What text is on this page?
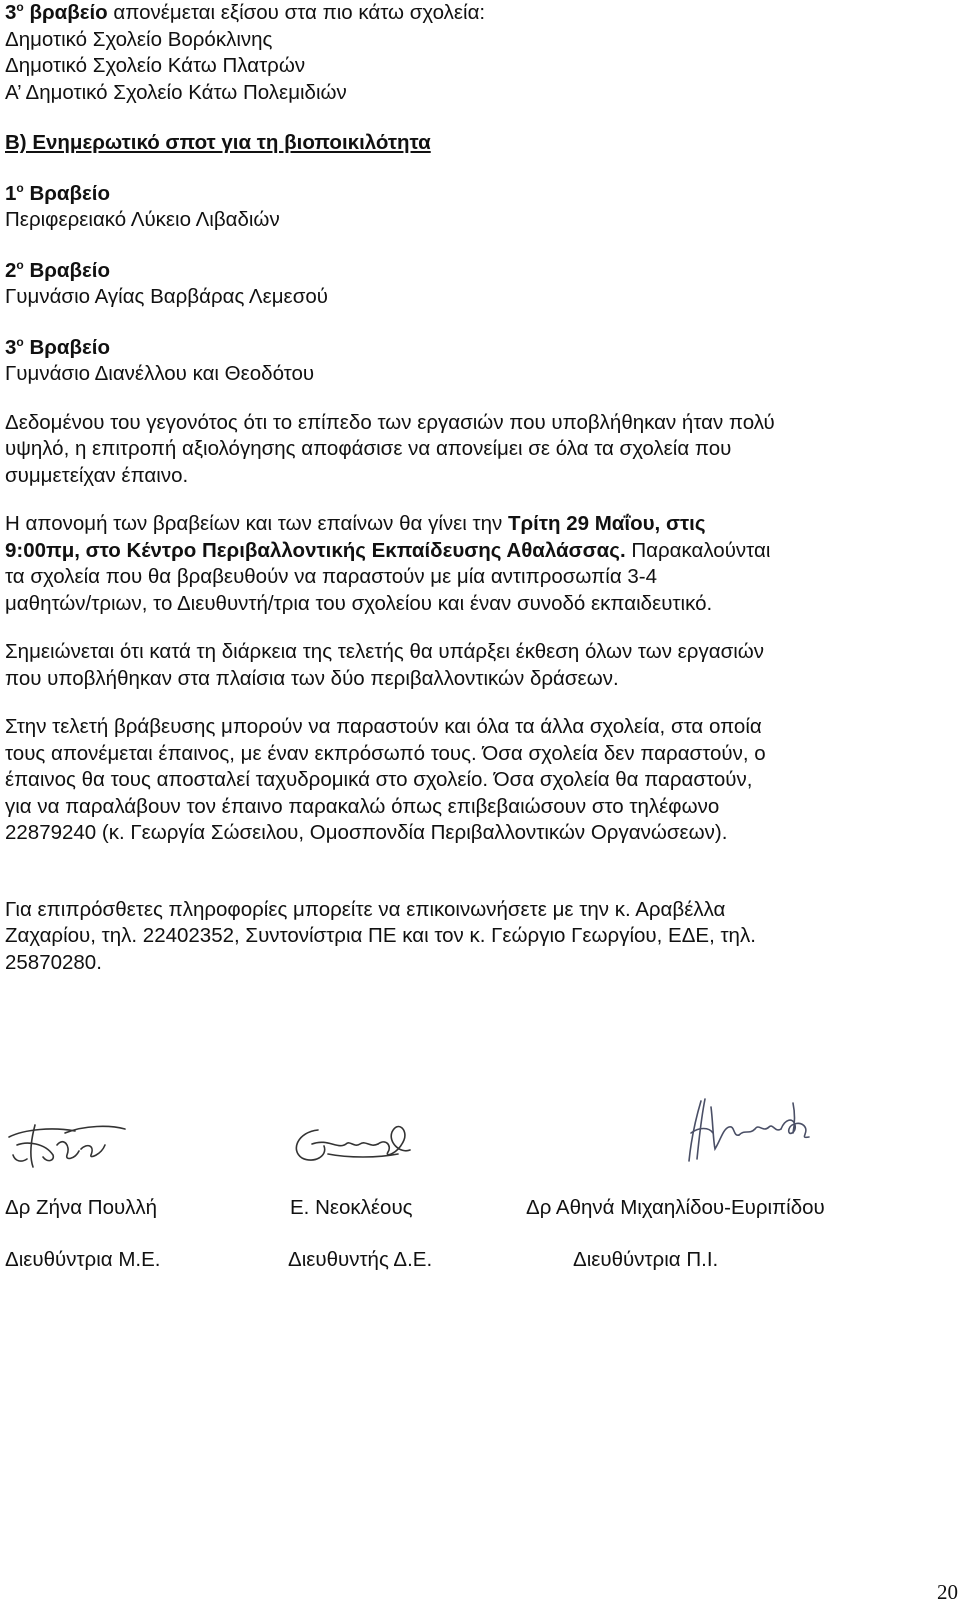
$3^o$ βραβείο απονέμεται εξίσου στα πιο κάτω σχολεία:
Δημοτικό Σχολείο Βορόκλινης
Δημοτικό Σχολείο Κάτω Πλατρών
Α’ Δημοτικό Σχολείο Κάτω Πολεμιδιών
Β) Ενημερωτικό σποτ για τη βιοποικιλότητα
$1^o$ Βραβείο
Περιφερειακό Λύκειο Λιβαδιών
$2^o$ Βραβείο
Γυμνάσιο Αγίας Βαρβάρας Λεμεσού
$3^o$ Βραβείο
Γυμνάσιο Διανέλλου και Θεοδότου
Δεδομένου του γεγονότος ότι το επίπεδο των εργασιών που υποβλήθηκαν ήταν πολύ
υψηλό, η επιτροπή αξιολόγησης αποφάσισε να απονείμει σε όλα τα σχολεία που
συμμετείχαν έπαινο.
Η απονομή των βραβείων και των επαίνων θα γίνει την Τρίτη 29 Μαΐου, στις
9:00πμ, στο Κέντρο Περιβαλλοντικής Εκπαίδευσης Αθαλάσσας. Παρακαλούνται
τα σχολεία που θα βραβευθούν να παραστούν με μία αντιπροσωπία 3-4
μαθητών/τριων, το Διευθυντή/τρια του σχολείου και έναν συνοδό εκπαιδευτικό.
Σημειώνεται ότι κατά τη διάρκεια της τελετής θα υπάρξει έκθεση όλων των εργασιών
που υποβλήθηκαν στα πλαίσια των δύο περιβαλλοντικών δράσεων.
Στην τελετή βράβευσης μπορούν να παραστούν και όλα τα άλλα σχολεία, στα οποία
τους απονέμεται έπαινος, με έναν εκπρόσωπό τους. Όσα σχολεία δεν παραστούν, ο
έπαινος θα τους αποσταλεί ταχυδρομικά στο σχολείο. Όσα σχολεία θα παραστούν,
για να παραλάβουν τον έπαινο παρακαλώ όπως επιβεβαιώσουν στο τηλέφωνο
22879240 (κ. Γεωργία Σώσειλου, Ομοσπονδία Περιβαλλοντικών Οργανώσεων).
Για επιπρόσθετες πληροφορίες μπορείτε να επικοινωνήσετε με την κ. Αραβέλλα
Ζαχαρίου, τηλ. 22402352, Συντονίστρια ΠΕ και τον κ. Γεώργιο Γεωργίου, ΕΔΕ, τηλ.
25870280.
Δρ Ζήνα Πουλλή	Ε. Νεοκλέους	Δρ Αθηνά Μιχαηλίδου-Ευριπίδου
Διευθύντρια Μ.Ε.	Διευθυντής Δ.Ε.	Διευθύντρια Π.Ι.
20
